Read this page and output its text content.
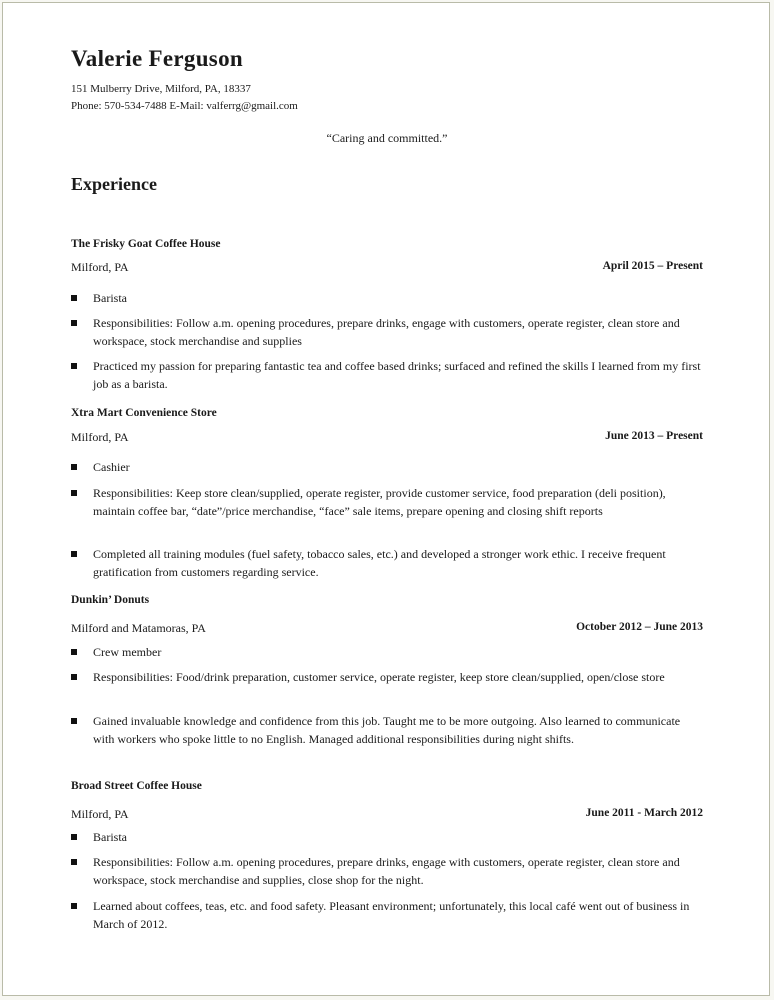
Valerie Ferguson
151 Mulberry Drive, Milford, PA, 18337
Phone: 570-534-7488 E-Mail: valferrg@gmail.com
“Caring and committed.”
Experience
The Frisky Goat Coffee House
Milford, PA	April 2015 – Present
Barista
Responsibilities: Follow a.m. opening procedures, prepare drinks, engage with customers, operate register, clean store and workspace, stock merchandise and supplies
Practiced my passion for preparing fantastic tea and coffee based drinks; surfaced and refined the skills I learned from my first job as a barista.
Xtra Mart Convenience Store
Milford, PA	June 2013 – Present
Cashier
Responsibilities: Keep store clean/supplied, operate register, provide customer service, food preparation (deli position), maintain coffee bar, “date”/price merchandise, “face” sale items, prepare opening and closing shift reports
Completed all training modules (fuel safety, tobacco sales, etc.) and developed a stronger work ethic. I receive frequent gratification from customers regarding service.
Dunkin’ Donuts
Milford and Matamoras, PA	October 2012 – June 2013
Crew member
Responsibilities: Food/drink preparation, customer service, operate register, keep store clean/supplied, open/close store
Gained invaluable knowledge and confidence from this job. Taught me to be more outgoing. Also learned to communicate with workers who spoke little to no English. Managed additional responsibilities during night shifts.
Broad Street Coffee House
Milford, PA	June 2011 - March 2012
Barista
Responsibilities: Follow a.m. opening procedures, prepare drinks, engage with customers, operate register, clean store and workspace, stock merchandise and supplies, close shop for the night.
Learned about coffees, teas, etc. and food safety. Pleasant environment; unfortunately, this local café went out of business in March of 2012.
